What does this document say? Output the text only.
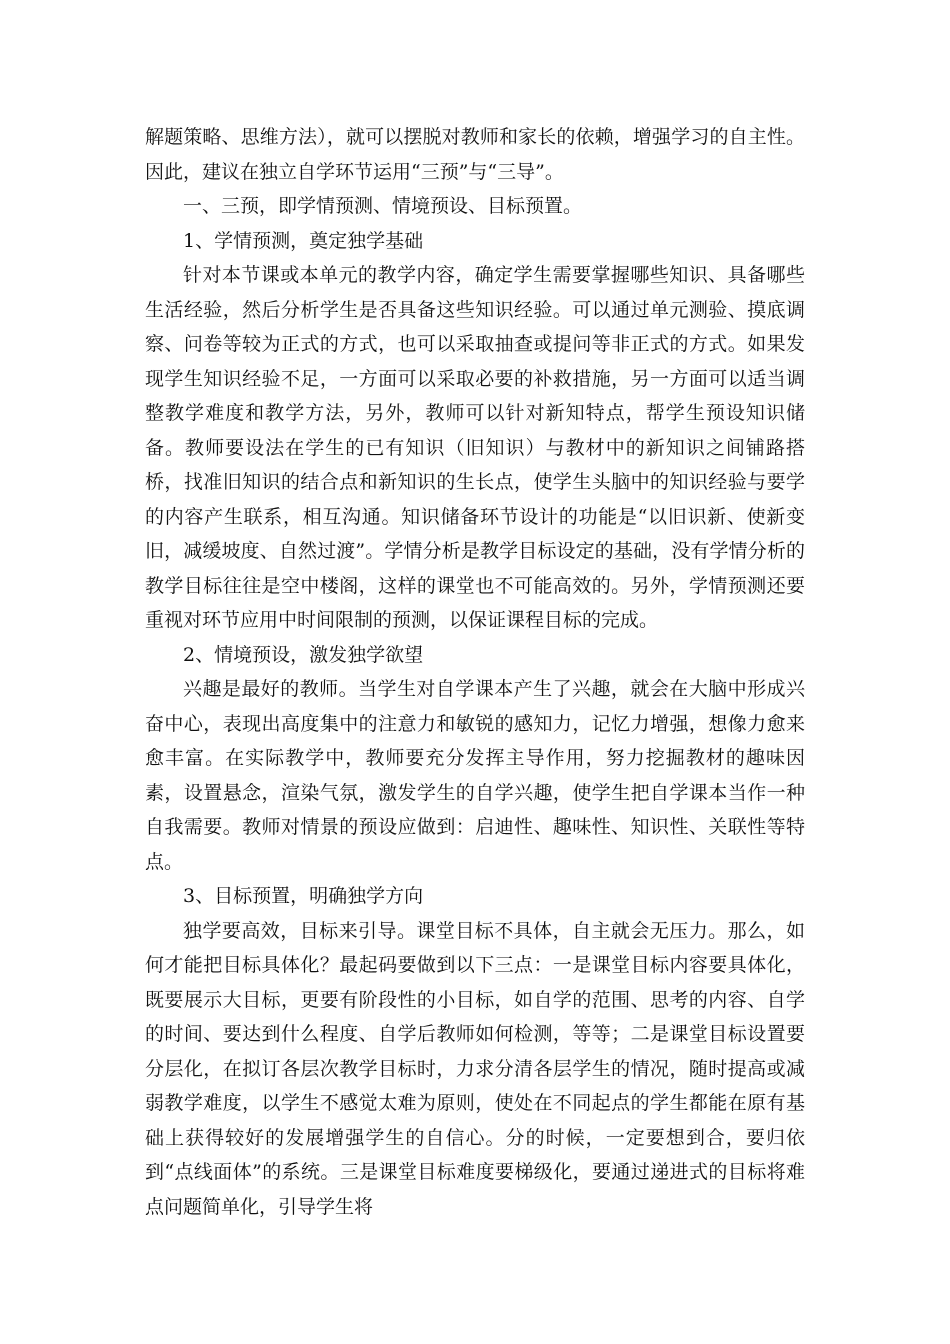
解题策略、思维方法），就可以摆脱对教师和家长的依赖，增强学习的自主性。因此，建议在独立自学环节运用“三预”与“三导”。

一、三预，即学情预测、情境预设、目标预置。

1、学情预测，奠定独学基础

针对本节课或本单元的教学内容，确定学生需要掌握哪些知识、具备哪些生活经验，然后分析学生是否具备这些知识经验。可以通过单元测验、摸底调察、问卷等较为正式的方式，也可以采取抽查或提问等非正式的方式。如果发现学生知识经验不足，一方面可以采取必要的补救措施，另一方面可以适当调整教学难度和教学方法，另外，教师可以针对新知特点，帮学生预设知识储备。教师要设法在学生的已有知识（旧知识）与教材中的新知识之间铺路搭桥，找准旧知识的结合点和新知识的生长点，使学生头脑中的知识经验与要学的内容产生联系，相互沟通。知识储备环节设计的功能是“以旧识新、使新变旧，减缓坡度、自然过渡”。学情分析是教学目标设定的基础，没有学情分析的教学目标往往是空中楼阁，这样的课堂也不可能高效的。另外，学情预测还要重视对环节应用中时间限制的预测，以保证课程目标的完成。

2、情境预设，激发独学欲望

兴趣是最好的教师。当学生对自学课本产生了兴趣，就会在大脑中形成兴奋中心，表现出高度集中的注意力和敏锐的感知力，记忆力增强，想像力愈来愈丰富。在实际教学中，教师要充分发挥主导作用，努力挖掘教材的趣味因素，设置悬念，渲染气氛，激发学生的自学兴趣，使学生把自学课本当作一种自我需要。教师对情景的预设应做到：启迪性、趣味性、知识性、关联性等特点。

3、目标预置，明确独学方向

独学要高效，目标来引导。课堂目标不具体，自主就会无压力。那么，如何才能把目标具体化？最起码要做到以下三点：一是课堂目标内容要具体化，既要展示大目标，更要有阶段性的小目标，如自学的范围、思考的内容、自学的时间、要达到什么程度、自学后教师如何检测，等等；二是课堂目标设置要分层化，在拟订各层次教学目标时，力求分清各层学生的情况，随时提高或减弱教学难度，以学生不感觉太难为原则，使处在不同起点的学生都能在原有基础上获得较好的发展增强学生的自信心。分的时候，一定要想到合，要归依到“点线面体”的系统。三是课堂目标难度要梯级化，要通过递进式的目标将难点问题简单化，引导学生将
